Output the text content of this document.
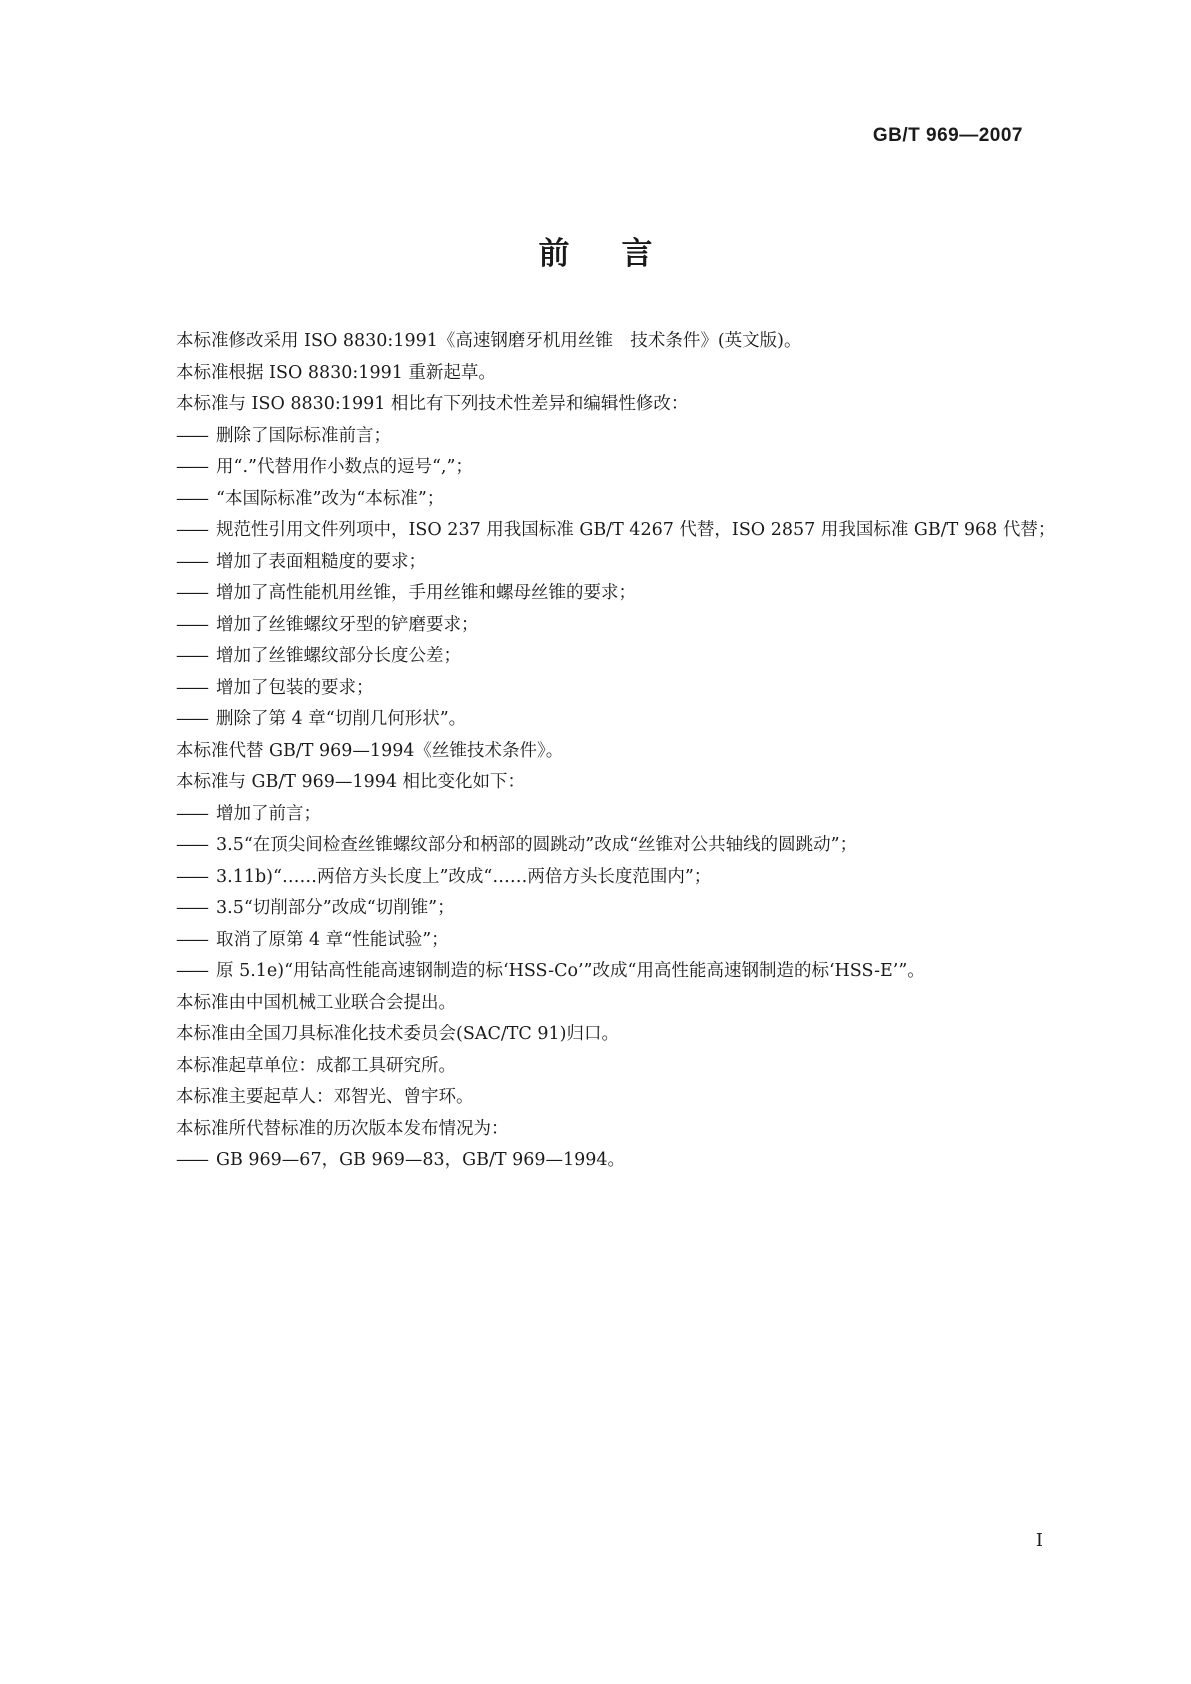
GB/T 969—2007
前言
本标准修改采用 ISO 8830:1991《高速钢磨牙机用丝锥　技术条件》(英文版)。
本标准根据 ISO 8830:1991 重新起草。
本标准与 ISO 8830:1991 相比有下列技术性差异和编辑性修改：
—— 删除了国际标准前言；
—— 用“.”代替用作小数点的逗号“,”；
—— “本国际标准”改为“本标准”；
—— 规范性引用文件列项中，ISO 237 用我国标准 GB/T 4267 代替，ISO 2857 用我国标准 GB/T 968 代替；
—— 增加了表面粗糙度的要求；
—— 增加了高性能机用丝锥，手用丝锥和螺母丝锥的要求；
—— 增加了丝锥螺纹牙型的铲磨要求；
—— 增加了丝锥螺纹部分长度公差；
—— 增加了包装的要求；
—— 删除了第 4 章“切削几何形状”。
本标准代替 GB/T 969—1994《丝锥技术条件》。
本标准与 GB/T 969—1994 相比变化如下：
—— 增加了前言；
—— 3.5“在顶尖间检查丝锥螺纹部分和柄部的圆跳动”改成“丝锥对公共轴线的圆跳动”；
—— 3.11b)“……两倍方头长度上”改成“……两倍方头长度范围内”；
—— 3.5“切削部分”改成“切削锥”；
—— 取消了原第 4 章“性能试验”；
—— 原 5.1e)“用钴高性能高速钢制造的标‘HSS-Co’”改成“用高性能高速钢制造的标‘HSS-E’”。
本标准由中国机械工业联合会提出。
本标准由全国刀具标准化技术委员会(SAC/TC 91)归口。
本标准起草单位：成都工具研究所。
本标准主要起草人：邓智光、曾宇环。
本标准所代替标准的历次版本发布情况为：
—— GB 969—67，GB 969—83，GB/T 969—1994。
I
